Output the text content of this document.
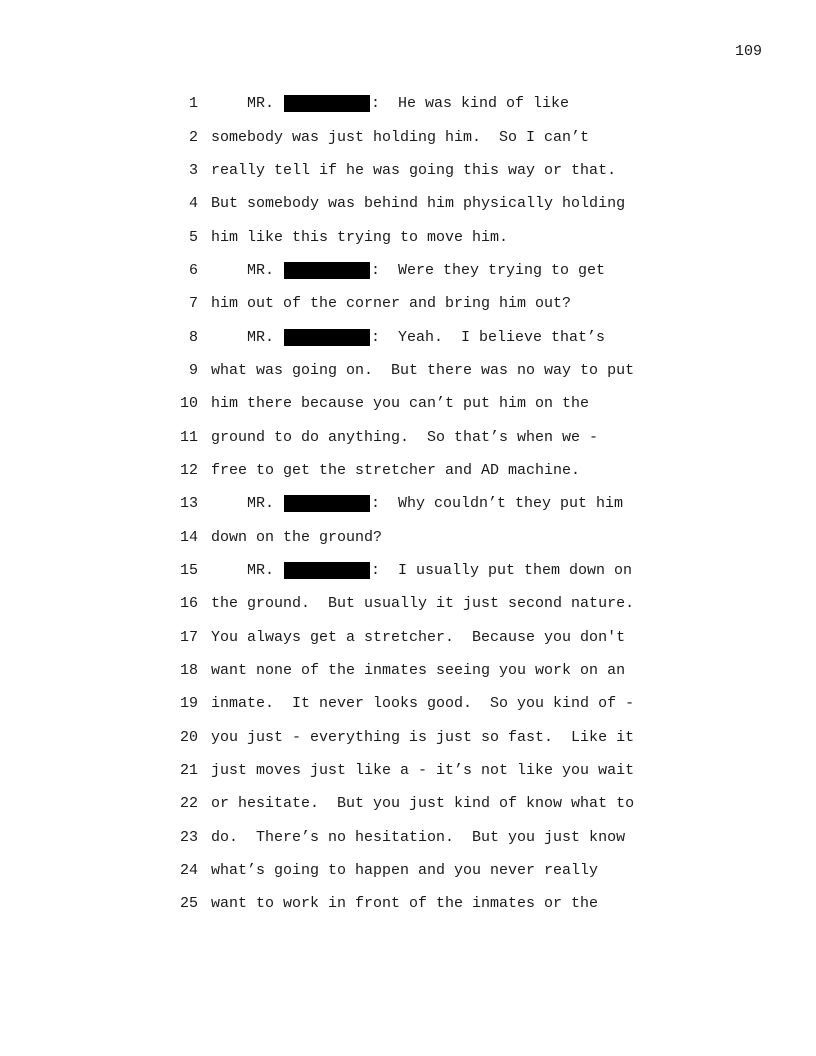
109
1 MR.	:  He was kind of like
2 somebody was just holding him.  So I can’t
3 really tell if he was going this way or that.
4 But somebody was behind him physically holding
5 him like this trying to move him.
6 MR.	:  Were they trying to get
7 him out of the corner and bring him out?
8 MR.	:  Yeah.  I believe that’s
9 what was going on.  But there was no way to put
10 him there because you can’t put him on the
11 ground to do anything.  So that’s when we -
12 free to get the stretcher and AD machine.
13 MR.	:  Why couldn’t they put him
14 down on the ground?
15 MR.	:  I usually put them down on
16 the ground.  But usually it just second nature.
17 You always get a stretcher.  Because you don't
18 want none of the inmates seeing you work on an
19 inmate.  It never looks good.  So you kind of -
20 you just - everything is just so fast.  Like it
21 just moves just like a - it’s not like you wait
22 or hesitate.  But you just kind of know what to
23 do.  There’s no hesitation.  But you just know
24 what’s going to happen and you never really
25 want to work in front of the inmates or the
